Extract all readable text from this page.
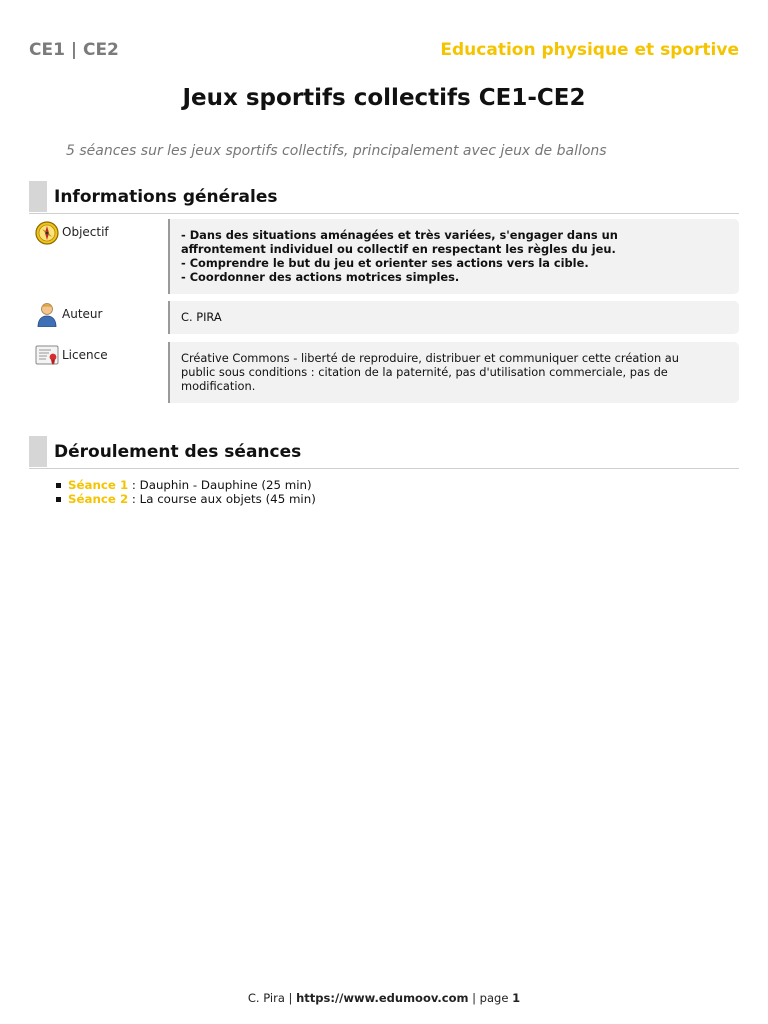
CE1 | CE2	Education physique et sportive
Jeux sportifs collectifs CE1-CE2
5 séances sur les jeux sportifs collectifs, principalement avec jeux de ballons
Informations générales
Objectif	- Dans des situations aménagées et très variées, s'engager dans un
affrontement individuel ou collectif en respectant les règles du jeu.
- Comprendre le but du jeu et orienter ses actions vers la cible.
- Coordonner des actions motrices simples.
Auteur	C. PIRA
Licence	Créative Commons - liberté de reproduire, distribuer et communiquer cette création au
public sous conditions : citation de la paternité, pas d'utilisation commerciale, pas de
modification.
Déroulement des séances
Séance 1 : Dauphin - Dauphine (25 min)
Séance 2 : La course aux objets (45 min)
C. Pira | https://www.edumoov.com | page 1
